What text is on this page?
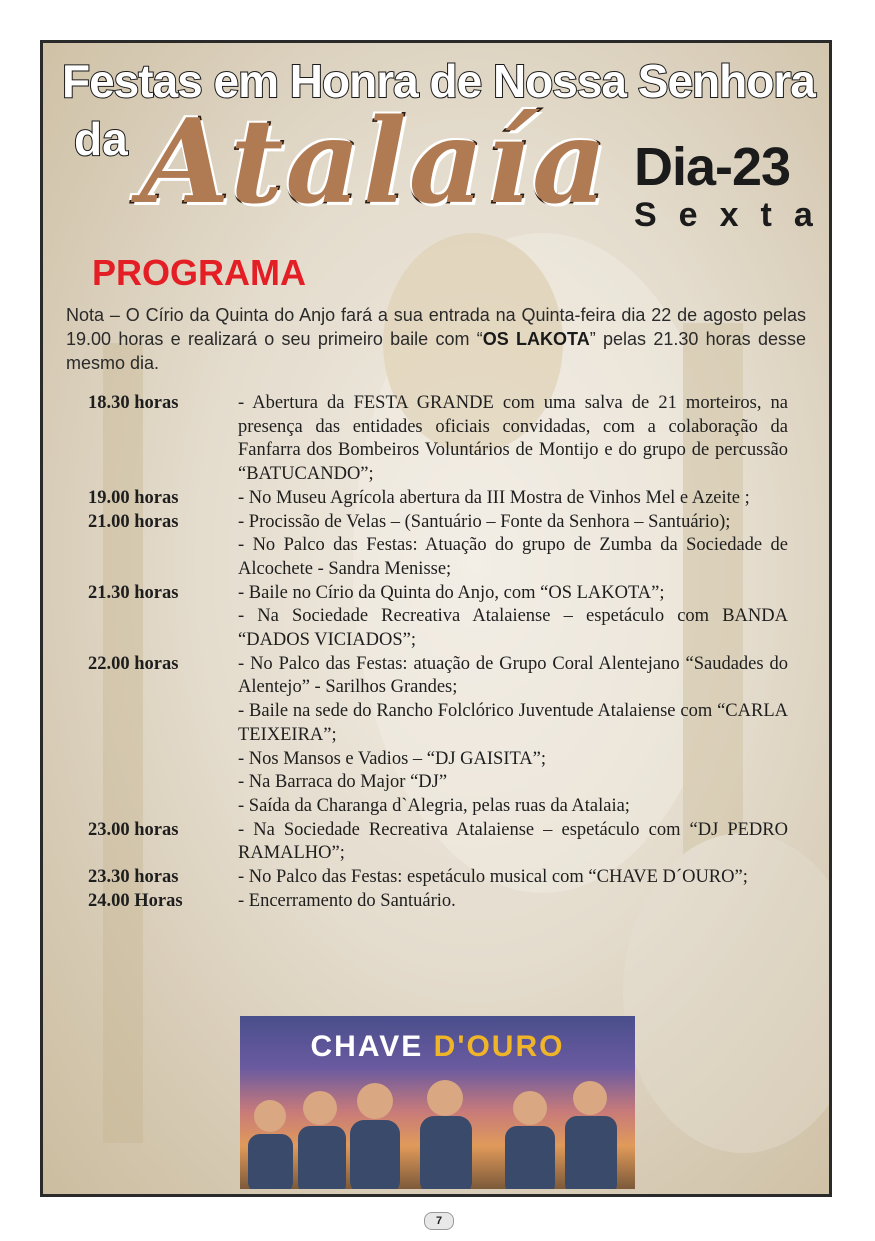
Festas em Honra de Nossa Senhora
da Atalaía Dia-23
Sexta
PROGRAMA

Nota – O Círio da Quinta do Anjo fará a sua entrada na Quinta-feira dia 22 de agosto pelas 19.00 horas e realizará o seu primeiro baile com “OS LAKOTA” pelas 21.30 horas desse mesmo dia.

18.30 horas	- Abertura da FESTA GRANDE com uma salva de 21 morteiros, na presença das entidades oficiais convidadas, com a colaboração da Fanfarra dos Bombeiros Voluntários de Montijo e do grupo de percussão “BATUCANDO”;
19.00 horas	- No Museu Agrícola abertura da III Mostra de Vinhos Mel e Azeite ;
21.00 horas	- Procissão de Velas – (Santuário – Fonte da Senhora – Santuário);
- No Palco das Festas: Atuação do grupo de Zumba da Sociedade de Alcochete - Sandra Menisse;
21.30 horas	- Baile no Círio da Quinta do Anjo, com “OS LAKOTA”;
- Na Sociedade Recreativa Atalaiense – espetáculo com BANDA “DADOS VICIADOS”;
22.00 horas	- No Palco das Festas: atuação de Grupo Coral Alentejano “Saudades do Alentejo” - Sarilhos Grandes;
- Baile na sede do Rancho Folclórico Juventude Atalaiense com “CARLA TEIXEIRA”;
- Nos Mansos e Vadios – “DJ GAISITA”;
- Na Barraca do Major “DJ”
- Saída da Charanga d`Alegria, pelas ruas da Atalaia;
23.00 horas	- Na Sociedade Recreativa Atalaiense – espetáculo com “DJ PEDRO RAMALHO”;
23.30 horas	- No Palco das Festas: espetáculo musical com “CHAVE D´OURO”;
24.00 Horas	- Encerramento do Santuário.
CHAVE D'OURO
7
